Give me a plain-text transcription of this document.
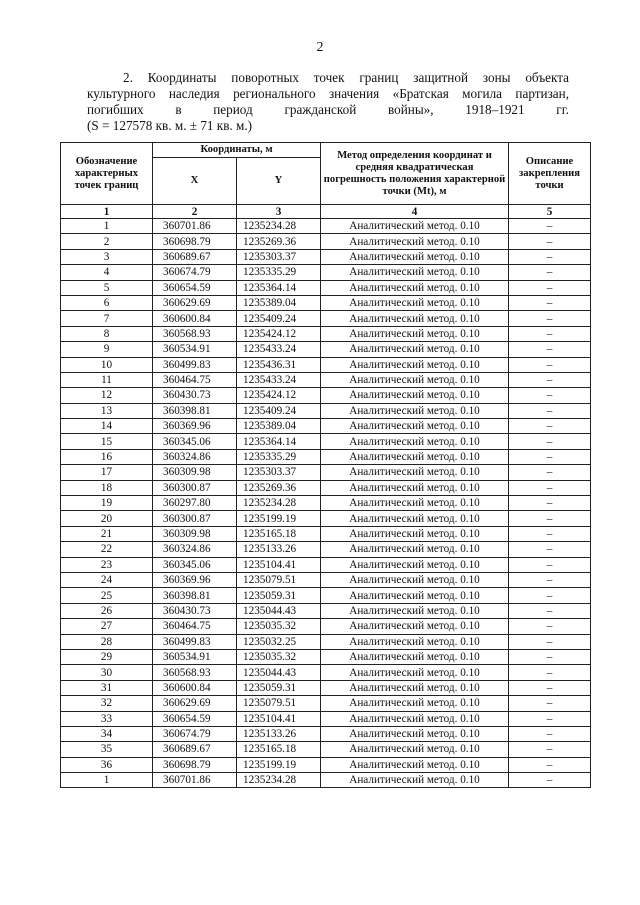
2
2. Координаты поворотных точек границ защитной зоны объекта
культурного наследия регионального значения «Братская могила партизан,
погибших в период гражданской войны», 1918–1921 гг.
(S = 127578 кв. м. ± 71 кв. м.)
Обозначение характерных точек границ	Координаты, м		Метод определения координат и средняя квадратическая погрешность положения характерной точки (Mt), м	Описание закрепления точки
	X	Y		
1	2	3	4	5
1	360701.86	1235234.28	Аналитический метод. 0.10	–
2	360698.79	1235269.36	Аналитический метод. 0.10	–
3	360689.67	1235303.37	Аналитический метод. 0.10	–
4	360674.79	1235335.29	Аналитический метод. 0.10	–
5	360654.59	1235364.14	Аналитический метод. 0.10	–
6	360629.69	1235389.04	Аналитический метод. 0.10	–
7	360600.84	1235409.24	Аналитический метод. 0.10	–
8	360568.93	1235424.12	Аналитический метод. 0.10	–
9	360534.91	1235433.24	Аналитический метод. 0.10	–
10	360499.83	1235436.31	Аналитический метод. 0.10	–
11	360464.75	1235433.24	Аналитический метод. 0.10	–
12	360430.73	1235424.12	Аналитический метод. 0.10	–
13	360398.81	1235409.24	Аналитический метод. 0.10	–
14	360369.96	1235389.04	Аналитический метод. 0.10	–
15	360345.06	1235364.14	Аналитический метод. 0.10	–
16	360324.86	1235335.29	Аналитический метод. 0.10	–
17	360309.98	1235303.37	Аналитический метод. 0.10	–
18	360300.87	1235269.36	Аналитический метод. 0.10	–
19	360297.80	1235234.28	Аналитический метод. 0.10	–
20	360300.87	1235199.19	Аналитический метод. 0.10	–
21	360309.98	1235165.18	Аналитический метод. 0.10	–
22	360324.86	1235133.26	Аналитический метод. 0.10	–
23	360345.06	1235104.41	Аналитический метод. 0.10	–
24	360369.96	1235079.51	Аналитический метод. 0.10	–
25	360398.81	1235059.31	Аналитический метод. 0.10	–
26	360430.73	1235044.43	Аналитический метод. 0.10	–
27	360464.75	1235035.32	Аналитический метод. 0.10	–
28	360499.83	1235032.25	Аналитический метод. 0.10	–
29	360534.91	1235035.32	Аналитический метод. 0.10	–
30	360568.93	1235044.43	Аналитический метод. 0.10	–
31	360600.84	1235059.31	Аналитический метод. 0.10	–
32	360629.69	1235079.51	Аналитический метод. 0.10	–
33	360654.59	1235104.41	Аналитический метод. 0.10	–
34	360674.79	1235133.26	Аналитический метод. 0.10	–
35	360689.67	1235165.18	Аналитический метод. 0.10	–
36	360698.79	1235199.19	Аналитический метод. 0.10	–
1	360701.86	1235234.28	Аналитический метод. 0.10	–
